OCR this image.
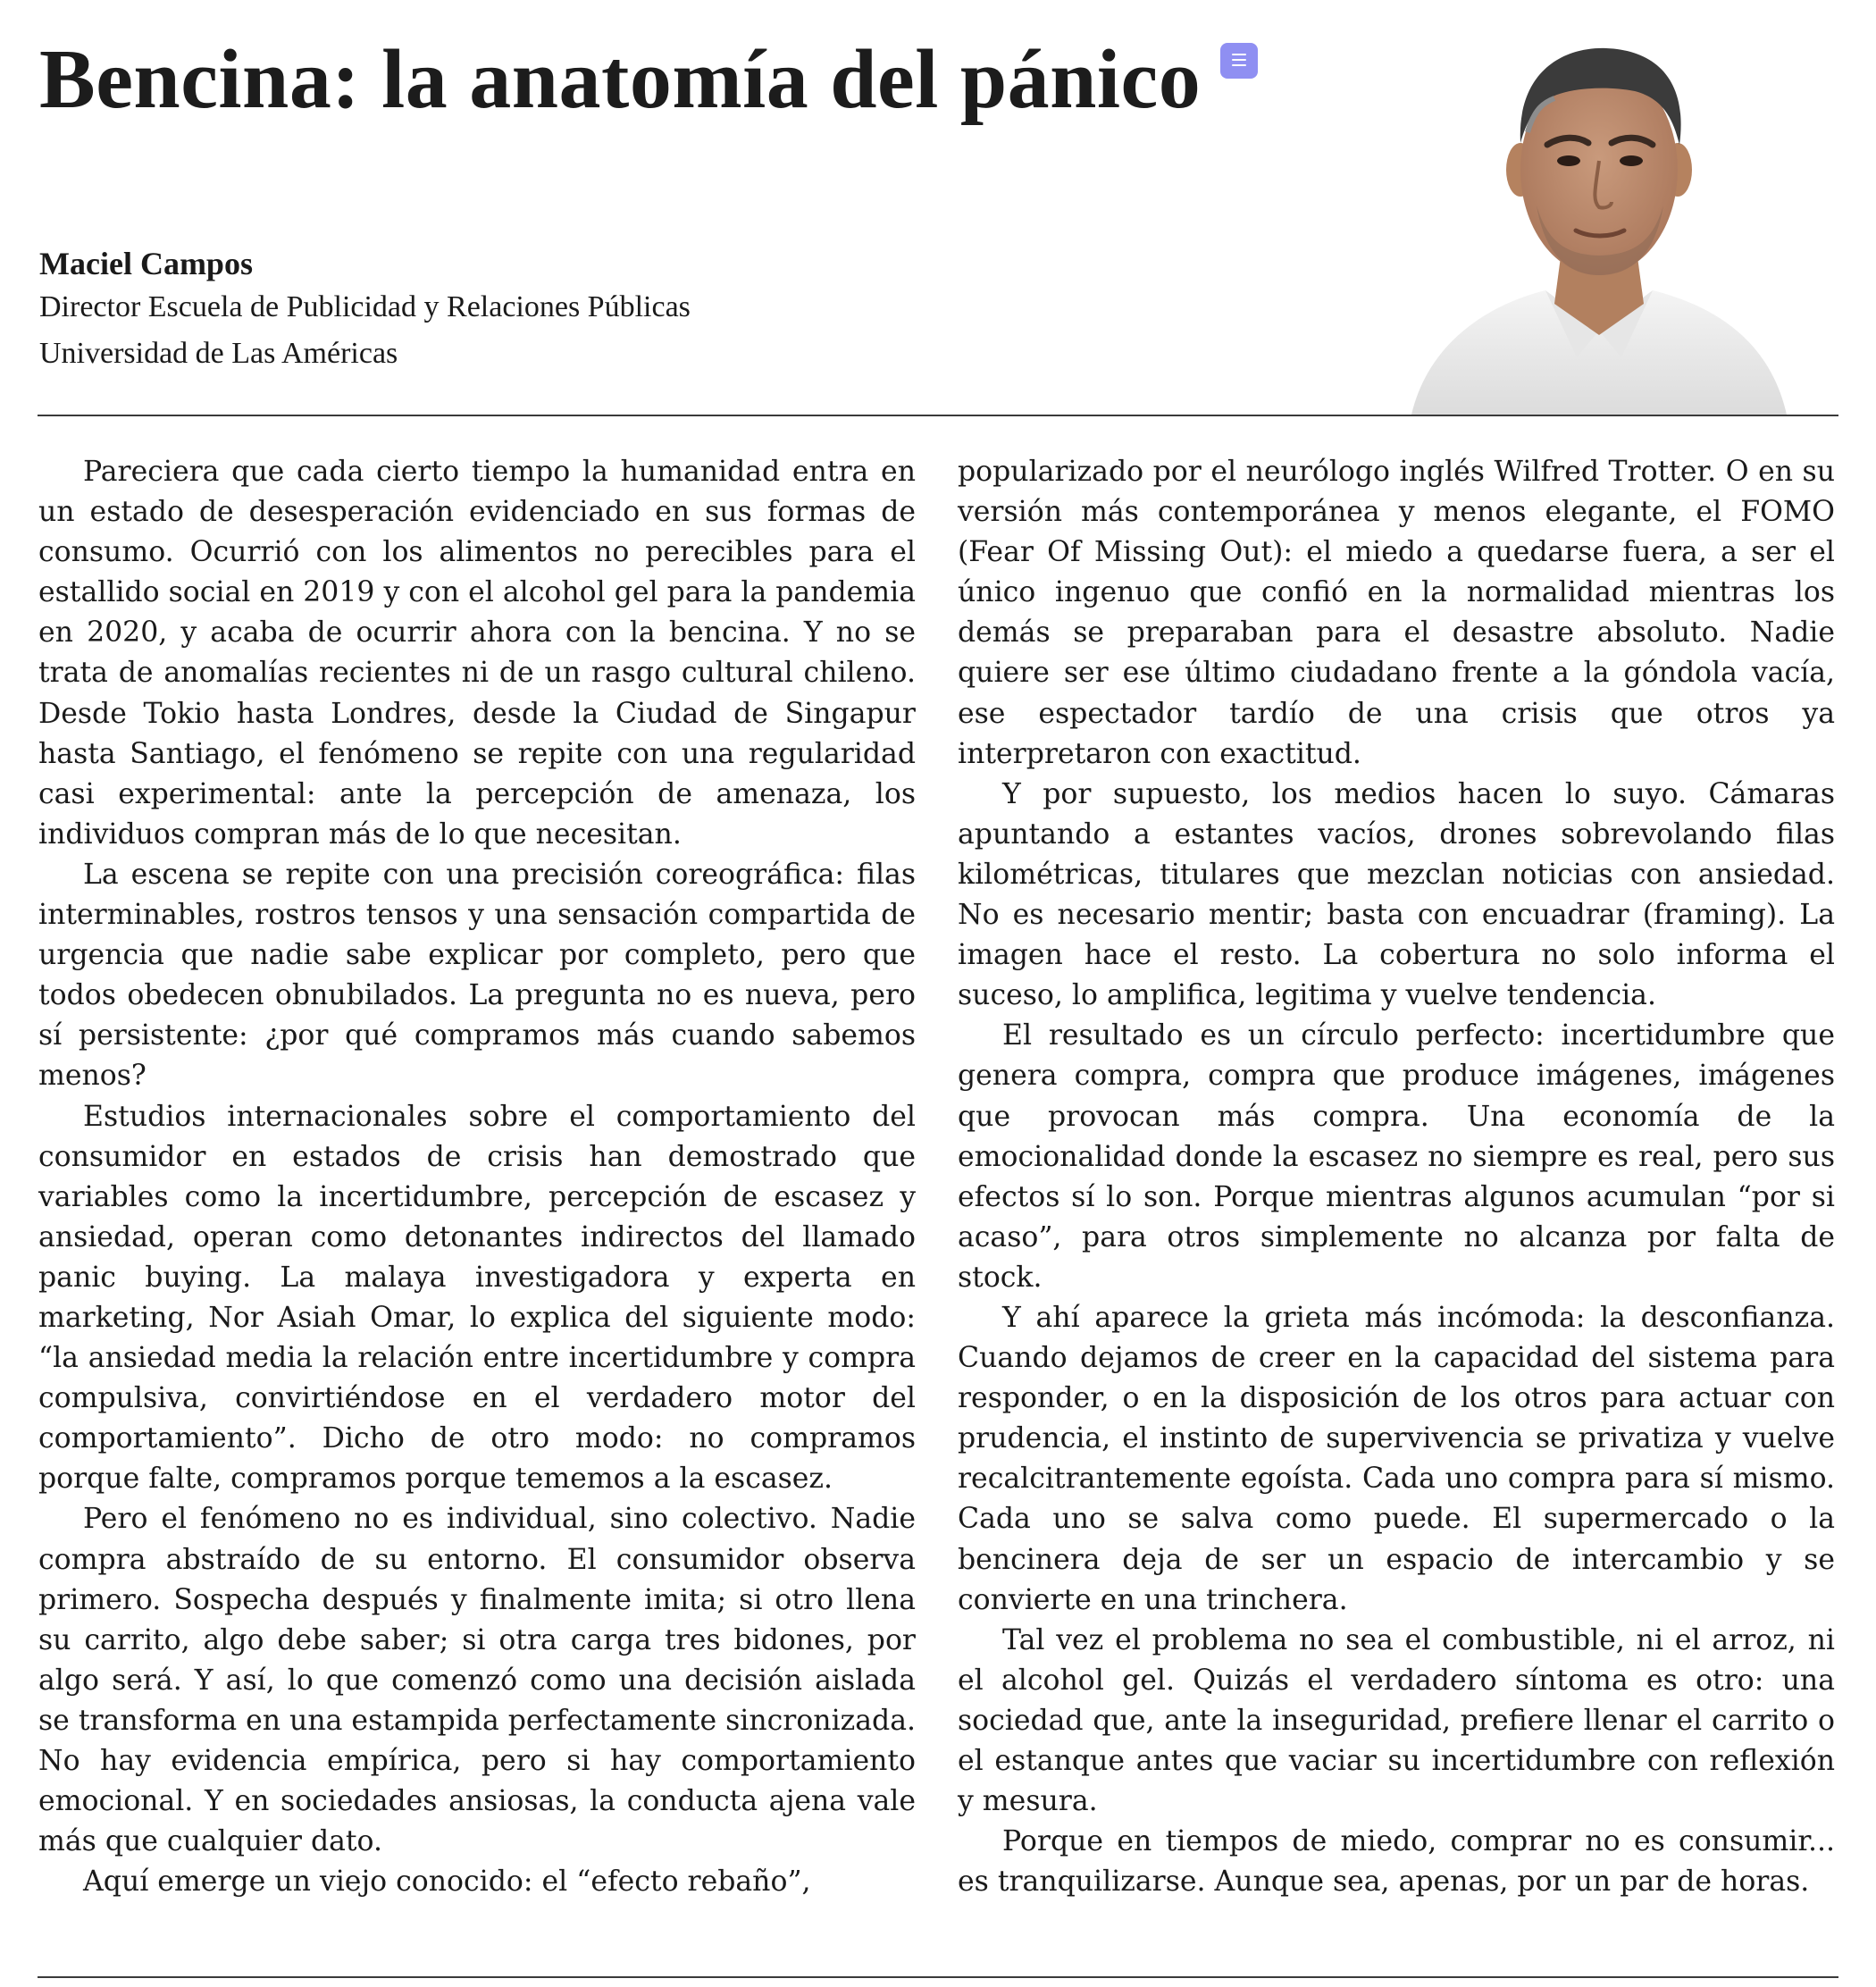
Bencina: la anatomía del pánico
Maciel Campos
Director Escuela de Publicidad y Relaciones Públicas
Universidad de Las Américas

Pareciera que cada cierto tiempo la humanidad entra en un estado de desesperación evidenciado en sus formas de consumo. Ocurrió con los alimentos no perecibles para el estallido social en 2019 y con el alcohol gel para la pandemia en 2020, y acaba de ocurrir ahora con la bencina. Y no se trata de anomalías recientes ni de un rasgo cultural chileno. Desde Tokio hasta Londres, desde la Ciudad de Singapur hasta Santiago, el fenómeno se repite con una regularidad casi experimental: ante la percepción de amenaza, los individuos compran más de lo que necesitan.

La escena se repite con una precisión coreográfica: filas interminables, rostros tensos y una sensación compartida de urgencia que nadie sabe explicar por completo, pero que todos obedecen obnubilados. La pregunta no es nueva, pero sí persistente: ¿por qué compramos más cuando sabemos menos?

Estudios internacionales sobre el comportamiento del consumidor en estados de crisis han demostrado que variables como la incertidumbre, percepción de escasez y ansiedad, operan como detonantes indirectos del llamado panic buying. La malaya investigadora y experta en marketing, Nor Asiah Omar, lo explica del siguiente modo: “la ansiedad media la relación entre incertidumbre y compra compulsiva, convirtiéndose en el verdadero motor del comportamiento”. Dicho de otro modo: no compramos porque falte, compramos porque tememos a la escasez.

Pero el fenómeno no es individual, sino colectivo. Nadie compra abstraído de su entorno. El consumidor observa primero. Sospecha después y finalmente imita; si otro llena su carrito, algo debe saber; si otra carga tres bidones, por algo será. Y así, lo que comenzó como una decisión aislada se transforma en una estampida perfectamente sincronizada. No hay evidencia empírica, pero si hay comportamiento emocional. Y en sociedades ansiosas, la conducta ajena vale más que cualquier dato.

Aquí emerge un viejo conocido: el “efecto rebaño”,

popularizado por el neurólogo inglés Wilfred Trotter. O en su versión más contemporánea y menos elegante, el FOMO (Fear Of Missing Out): el miedo a quedarse fuera, a ser el único ingenuo que confió en la normalidad mientras los demás se preparaban para el desastre absoluto. Nadie quiere ser ese último ciudadano frente a la góndola vacía, ese espectador tardío de una crisis que otros ya interpretaron con exactitud.

Y por supuesto, los medios hacen lo suyo. Cámaras apuntando a estantes vacíos, drones sobrevolando filas kilométricas, titulares que mezclan noticias con ansiedad. No es necesario mentir; basta con encuadrar (framing). La imagen hace el resto. La cobertura no solo informa el suceso, lo amplifica, legitima y vuelve tendencia.

El resultado es un círculo perfecto: incertidumbre que genera compra, compra que produce imágenes, imágenes que provocan más compra. Una economía de la emocionalidad donde la escasez no siempre es real, pero sus efectos sí lo son. Porque mientras algunos acumulan “por si acaso”, para otros simplemente no alcanza por falta de stock.

Y ahí aparece la grieta más incómoda: la desconfianza. Cuando dejamos de creer en la capacidad del sistema para responder, o en la disposición de los otros para actuar con prudencia, el instinto de supervivencia se privatiza y vuelve recalcitrantemente egoísta. Cada uno compra para sí mismo. Cada uno se salva como puede. El supermercado o la bencinera deja de ser un espacio de intercambio y se convierte en una trinchera.

Tal vez el problema no sea el combustible, ni el arroz, ni el alcohol gel. Quizás el verdadero síntoma es otro: una sociedad que, ante la inseguridad, prefiere llenar el carrito o el estanque antes que vaciar su incertidumbre con reflexión y mesura.

Porque en tiempos de miedo, comprar no es consumir... es tranquilizarse. Aunque sea, apenas, por un par de horas.
